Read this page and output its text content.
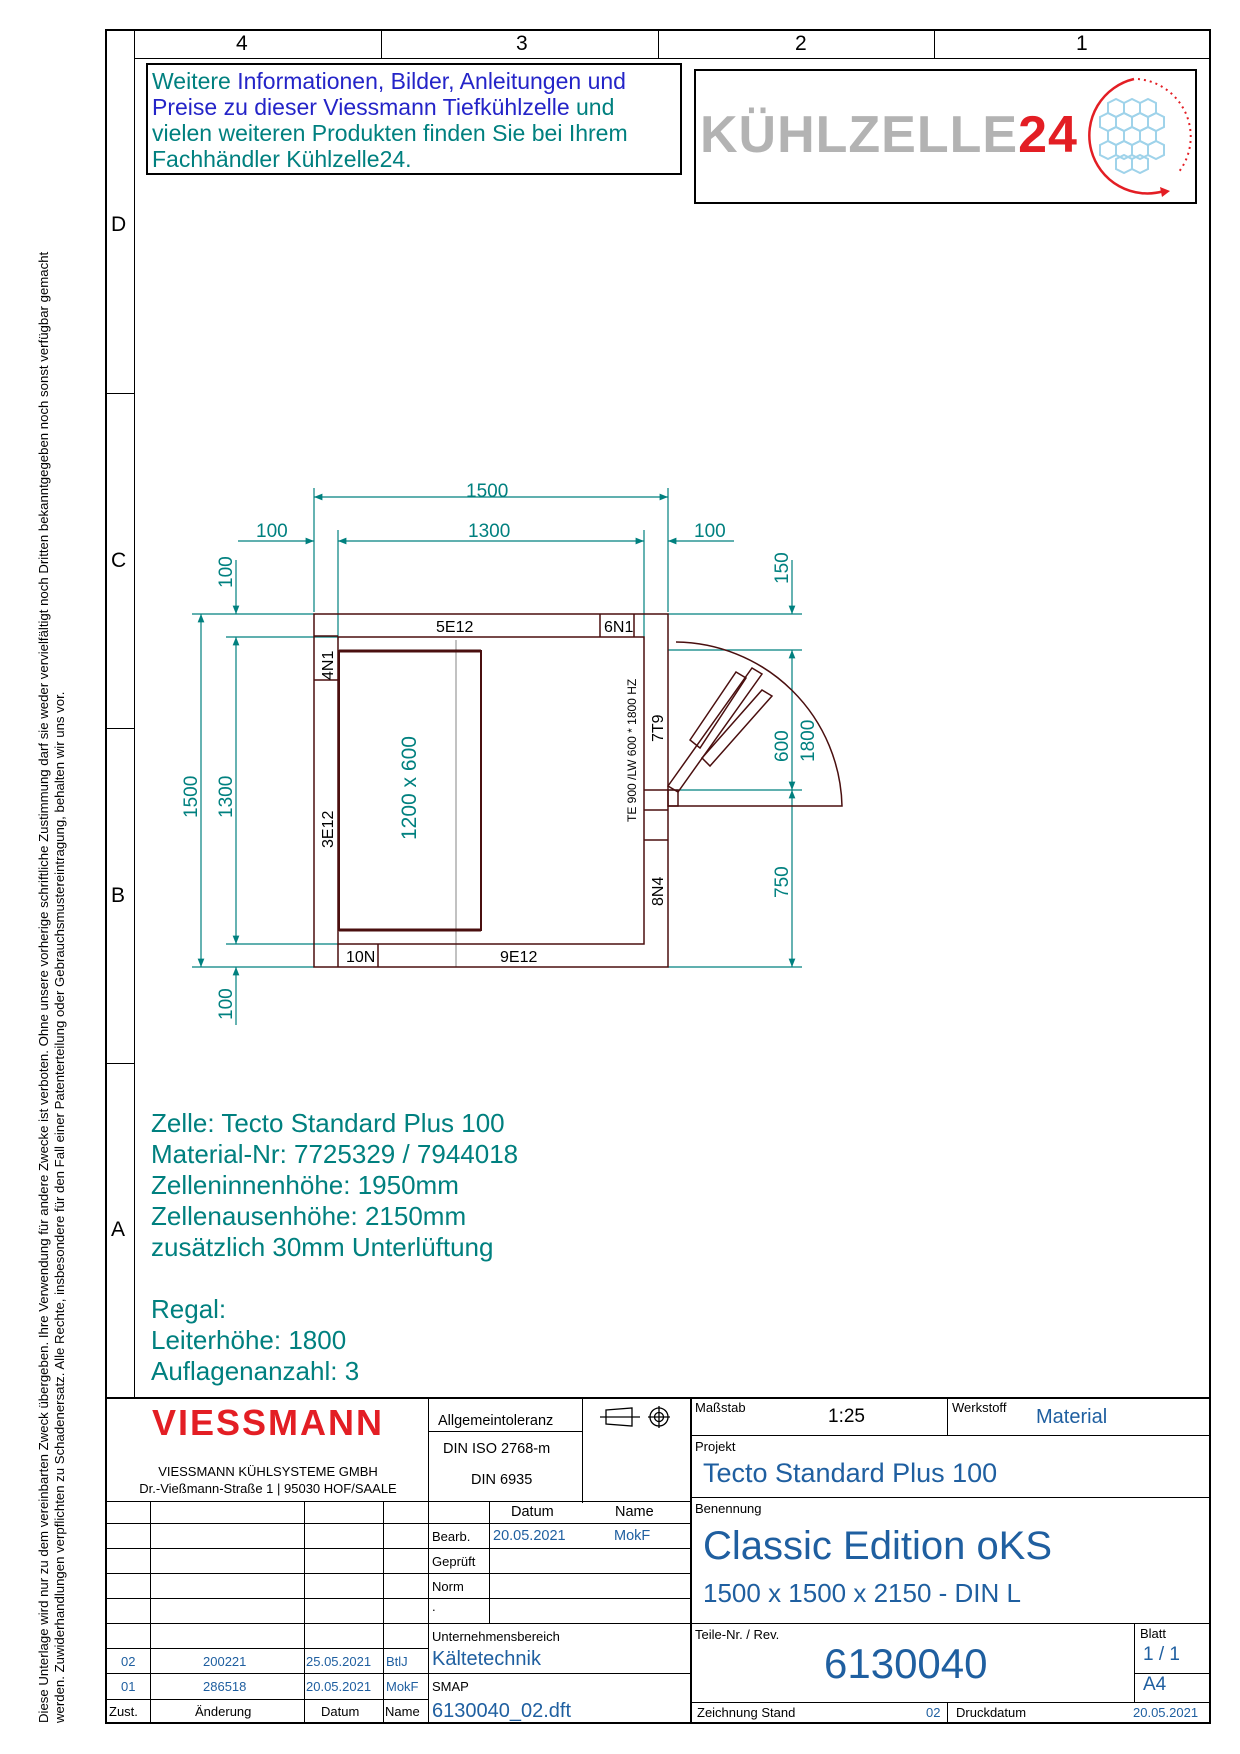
Diese Unterlage wird nur zu dem vereinbarten Zweck übergeben. Ihre Verwendung für andere Zwecke ist verboten. Ohne unsere vorherige schriftliche Zustimmung darf sie weder vervielfältigt noch Dritten bekanntgegeben noch sonst verfügbar gemacht werden. Zuwiderhandlungen verpflichten zu Schadenersatz. Alle Rechte, insbesondere für den Fall einer Patenterteilung oder Gebrauchsmustereintragung, behalten wir uns vor.
4	3	2	1
D
C
B
A
Weitere Informationen, Bilder, Anleitungen und
Preise zu dieser Viessmann Tiefkühlzelle und
vielen weiteren Produkten finden Sie bei Ihrem
Fachhändler Kühlzelle24.	KÜHLZELLE24
5E12	6N1
4N1
3E12
7T9
8N4
10N	9E12
TE 900 /LW 600 * 1800 HZ
1500
1300
100	100
100
100
1500 1300
150
600 1800
750
1200 x 600
Zelle: Tecto Standard Plus 100
Material-Nr: 7725329 / 7944018
Zelleninnenhöhe: 1950mm
Zellenausenhöhe: 2150mm
zusätzlich 30mm Unterlüftung
Regal:
Leiterhöhe: 1800
Auflagenanzahl: 3
VIESSMANN
VIESSMANN KÜHLSYSTEME GMBH
Dr.-Vießmann-Straße 1 | 95030 HOF/SAALE
Allgemeintoleranz
DIN ISO 2768-m
DIN 6935
Zust.	Änderung	Datum Name
02	200221	25.05.2021 BtlJ
01	286518	20.05.2021 MokF
Datum	Name
Bearb. 20.05.2021	MokF
Geprüft
Norm
.
Unternehmensbereich
Kältetechnik
SMAP
6130040_02.dft
Maßstab	1:25	Werkstoff Material
Projekt
Tecto Standard Plus 100
Benennung
Classic Edition oKS
1500 x 1500 x 2150 - DIN L
Teile-Nr. / Rev.
6130040
Blatt
1 / 1
A4
Zeichnung Stand	02 Druckdatum	20.05.2021
